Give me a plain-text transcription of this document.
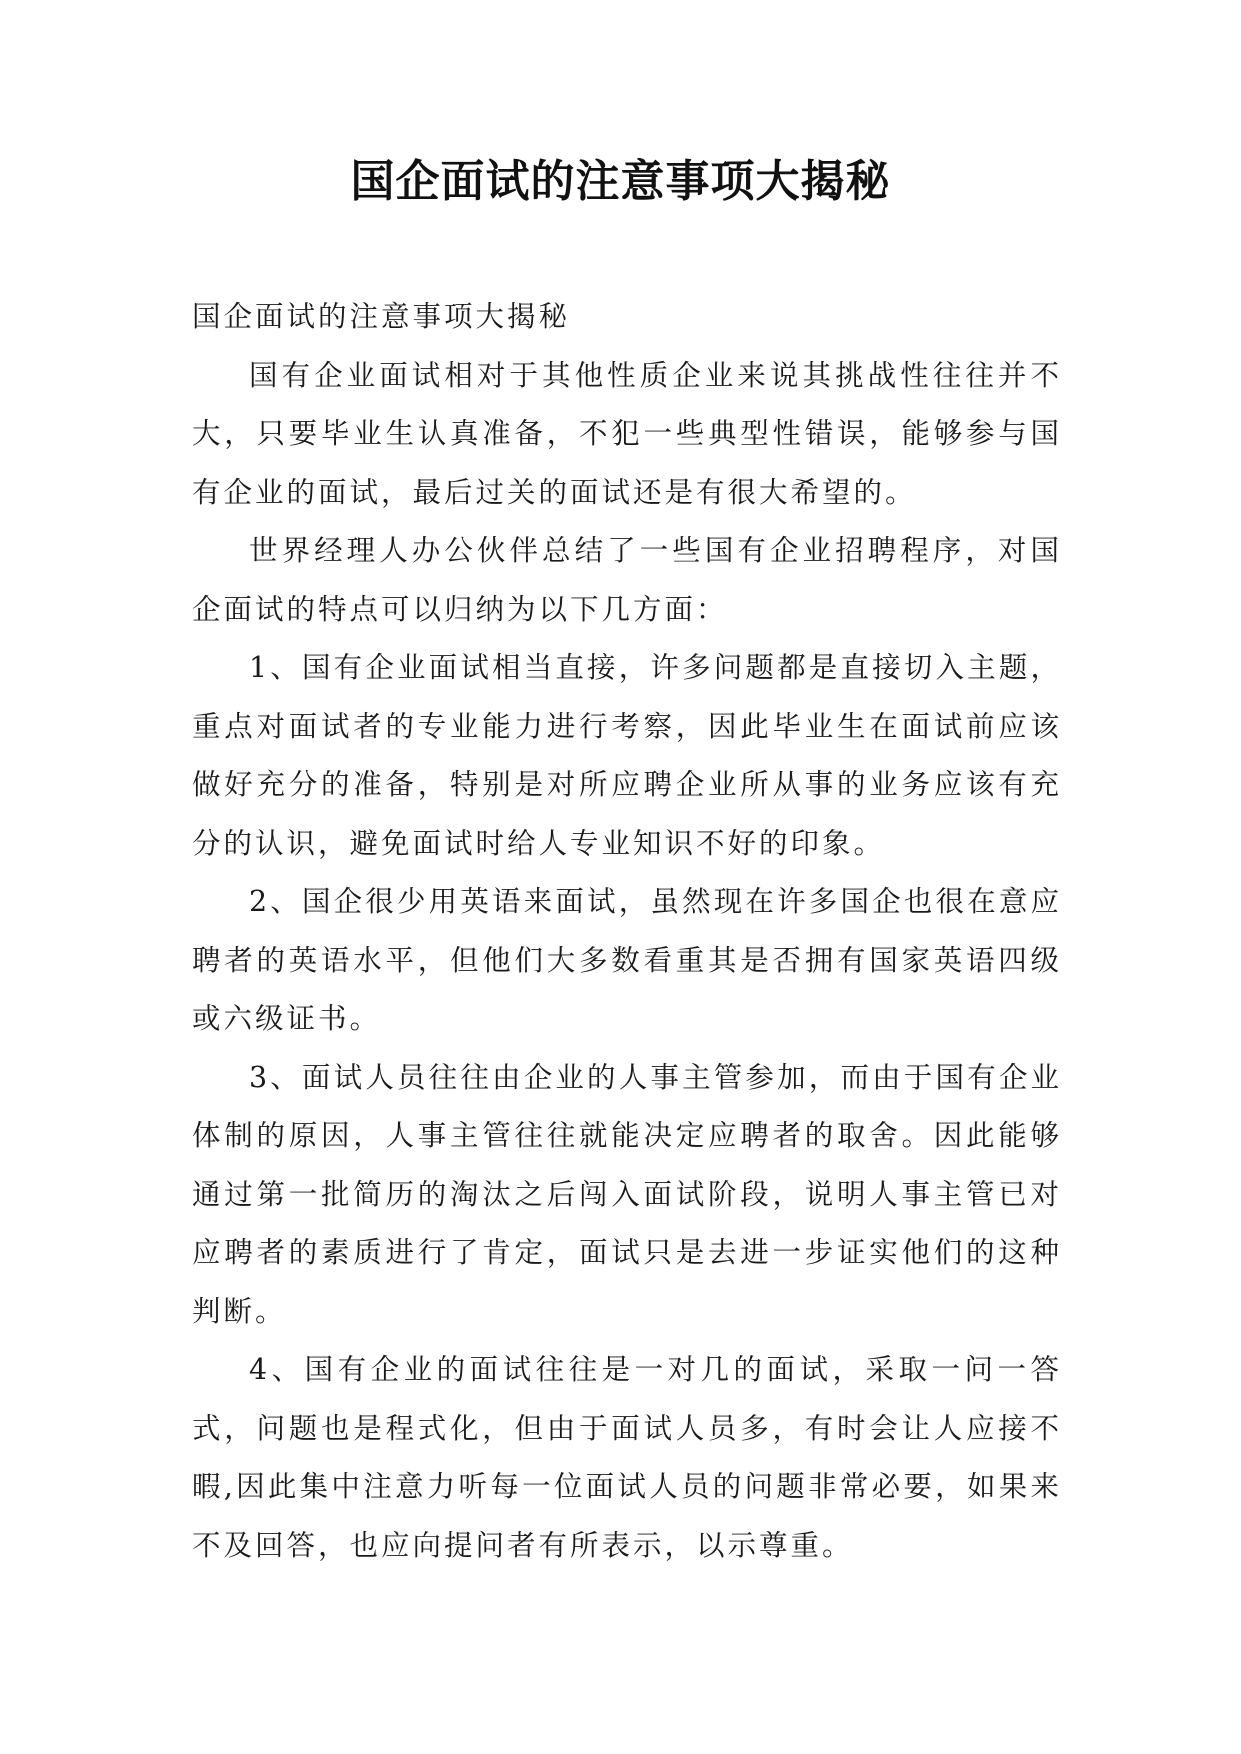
国企面试的注意事项大揭秘

国企面试的注意事项大揭秘

国有企业面试相对于其他性质企业来说其挑战性往往并不大，只要毕业生认真准备，不犯一些典型性错误，能够参与国有企业的面试，最后过关的面试还是有很大希望的。

世界经理人办公伙伴总结了一些国有企业招聘程序，对国企面试的特点可以归纳为以下几方面：

1、国有企业面试相当直接，许多问题都是直接切入主题，重点对面试者的专业能力进行考察，因此毕业生在面试前应该做好充分的准备，特别是对所应聘企业所从事的业务应该有充分的认识，避免面试时给人专业知识不好的印象。

2、国企很少用英语来面试，虽然现在许多国企也很在意应聘者的英语水平，但他们大多数看重其是否拥有国家英语四级或六级证书。

3、面试人员往往由企业的人事主管参加，而由于国有企业体制的原因，人事主管往往就能决定应聘者的取舍。因此能够通过第一批简历的淘汰之后闯入面试阶段，说明人事主管已对应聘者的素质进行了肯定，面试只是去进一步证实他们的这种判断。

4、国有企业的面试往往是一对几的面试，采取一问一答式，问题也是程式化，但由于面试人员多，有时会让人应接不暇,因此集中注意力听每一位面试人员的问题非常必要，如果来不及回答，也应向提问者有所表示，以示尊重。
